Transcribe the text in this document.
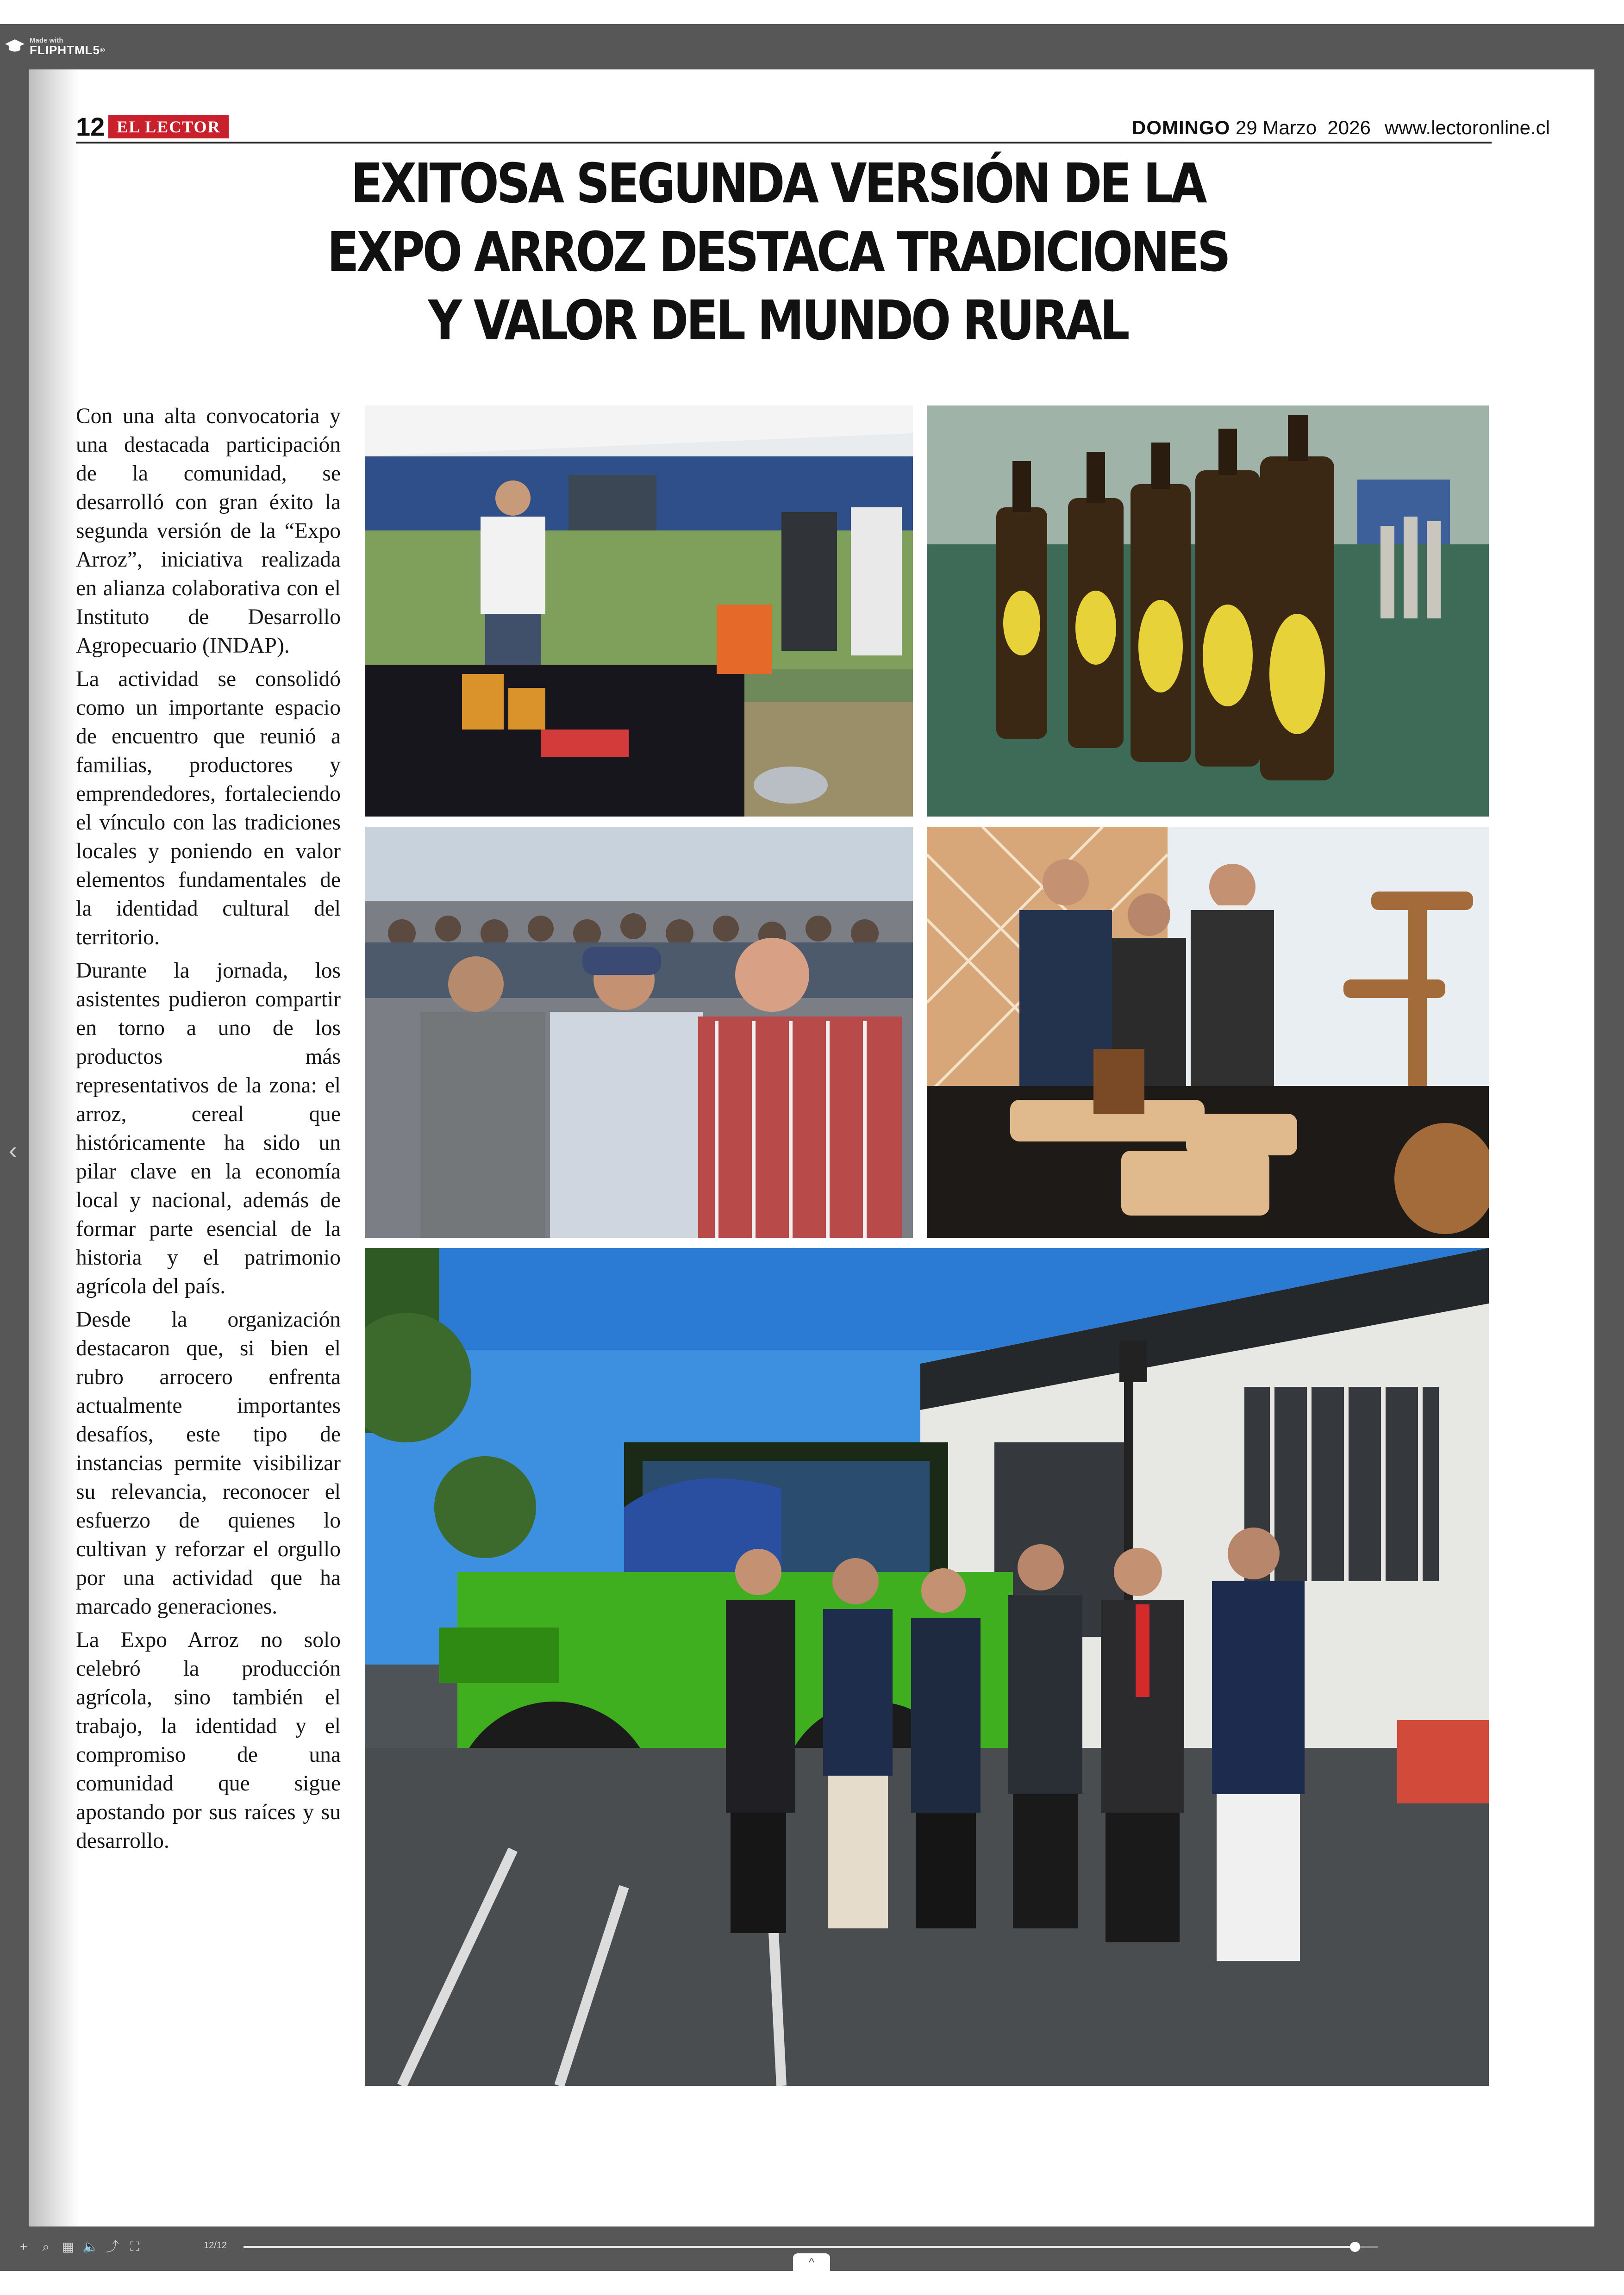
Made with
FLIPHTML5®
‹
12 EL LECTOR	DOMINGO 29 Marzo 2026 www.lectoronline.cl
EXITOSA SEGUNDA VERSIÓN DE LA EXPO ARROZ DESTACA TRADICIONES Y VALOR DEL MUNDO RURAL

Con una alta convocatoria y una destacada participación de la comunidad, se desarrolló con gran éxito la segunda versión de la “Expo Arroz”, iniciativa realizada en alianza colaborativa con el Instituto de Desarrollo Agropecuario (INDAP).

La actividad se consolidó como un importante espacio de encuentro que reunió a familias, productores y emprendedores, fortaleciendo el vínculo con las tradiciones locales y poniendo en valor elementos fundamentales de la identidad cultural del territorio.

Durante la jornada, los asistentes pudieron compartir en torno a uno de los productos más representativos de la zona: el arroz, cereal que históricamente ha sido un pilar clave en la economía local y nacional, además de formar parte esencial de la historia y el patrimonio agrícola del país.

Desde la organización destacaron que, si bien el rubro arrocero enfrenta actualmente importantes desafíos, este tipo de instancias permite visibilizar su relevancia, reconocer el esfuerzo de quienes lo cultivan y reforzar el orgullo por una actividad que ha marcado generaciones.

La Expo Arroz no solo celebró la producción agrícola, sino también el trabajo, la identidad y el compromiso de una comunidad que sigue apostando por sus raíces y su desarrollo.

+	⌕ ▦ 🔈 ⤴ ⛶	12/12
^
